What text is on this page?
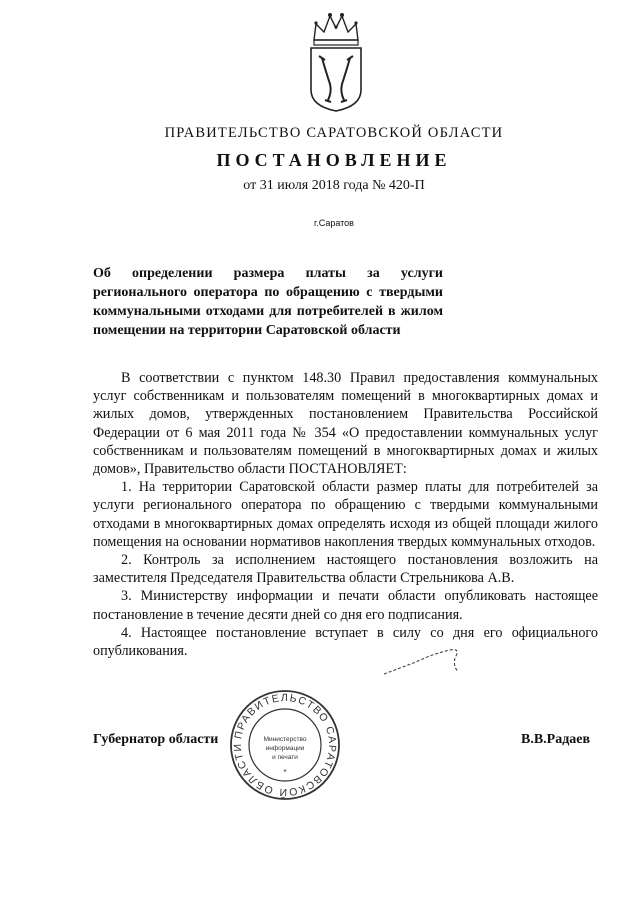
ПРАВИТЕЛЬСТВО САРАТОВСКОЙ ОБЛАСТИ
ПОСТАНОВЛЕНИЕ
от 31 июля 2018 года № 420-П
г.Саратов
Об определении размера платы за услуги
регионального оператора по обращению с твердыми
коммунальными отходами для потребителей в жилом
помещении на территории Саратовской области

В соответствии с пунктом 148.30 Правил предоставления коммунальных услуг собственникам и пользователям помещений в многоквартирных домах и жилых домов, утвержденных постановлением Правительства Российской Федерации от 6 мая 2011 года № 354 «О предоставлении коммунальных услуг собственникам и пользователям помещений в многоквартирных домах и жилых домов», Правительство области ПОСТАНОВЛЯЕТ:

1. На территории Саратовской области размер платы для потребителей за услуги регионального оператора по обращению с твердыми коммунальными отходами в многоквартирных домах определять исходя из общей площади жилого помещения на основании нормативов накопления твердых коммунальных отходов.

2. Контроль за исполнением настоящего постановления возложить на заместителя Председателя Правительства области Стрельникова А.В.

3. Министерству информации и печати области опубликовать настоящее постановление в течение десяти дней со дня его подписания.

4. Настоящее постановление вступает в силу со дня его официального опубликования.

Губернатор области	В.В.Радаев
ПРАВИТЕЛЬСТВО САРАТОВСКОЙ ОБЛАСТИ
Министерство
информации
и печати
*
